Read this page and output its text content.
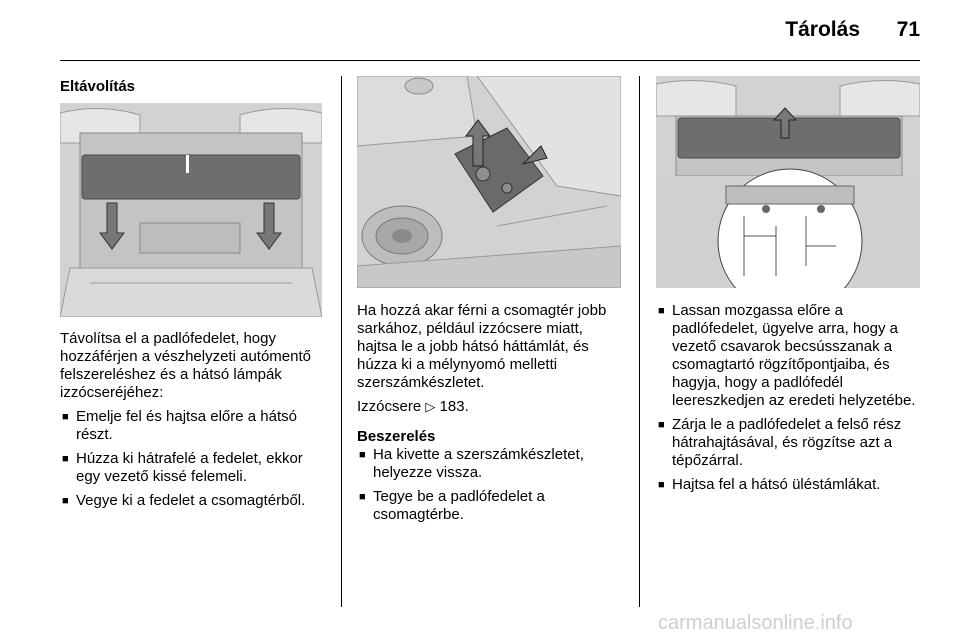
Tárolás	71
Eltávolítás

Távolítsa el a padlófedelet, hogy hozzáférjen a vészhelyzeti autómentő felszereléshez és a hátsó lámpák izzócseréjéhez:

■ Emelje fel és hajtsa előre a hátsó részt.
■ Húzza ki hátrafelé a fedelet, ekkor egy vezető kissé felemeli.
■ Vegye ki a fedelet a csomagtérből.

Ha hozzá akar férni a csomagtér jobb sarkához, például izzócsere miatt, hajtsa le a jobb hátsó háttámlát, és húzza ki a mélynyomó melletti szerszámkészletet.

Izzócsere ▷ 183.

Beszerelés
■ Ha kivette a szerszámkészletet, helyezze vissza.
■ Tegye be a padlófedelet a csomagtérbe.
■ Lassan mozgassa előre a padlófedelet, ügyelve arra, hogy a vezető csavarok becsússzanak a csomagtartó rögzítőpontjaiba, és hagyja, hogy a padlófedél leereszkedjen az eredeti helyzetébe.
■ Zárja le a padlófedelet a felső rész hátrahajtásával, és rögzítse azt a tépőzárral.
■ Hajtsa fel a hátsó üléstámlákat.
carmanualsonline.info
